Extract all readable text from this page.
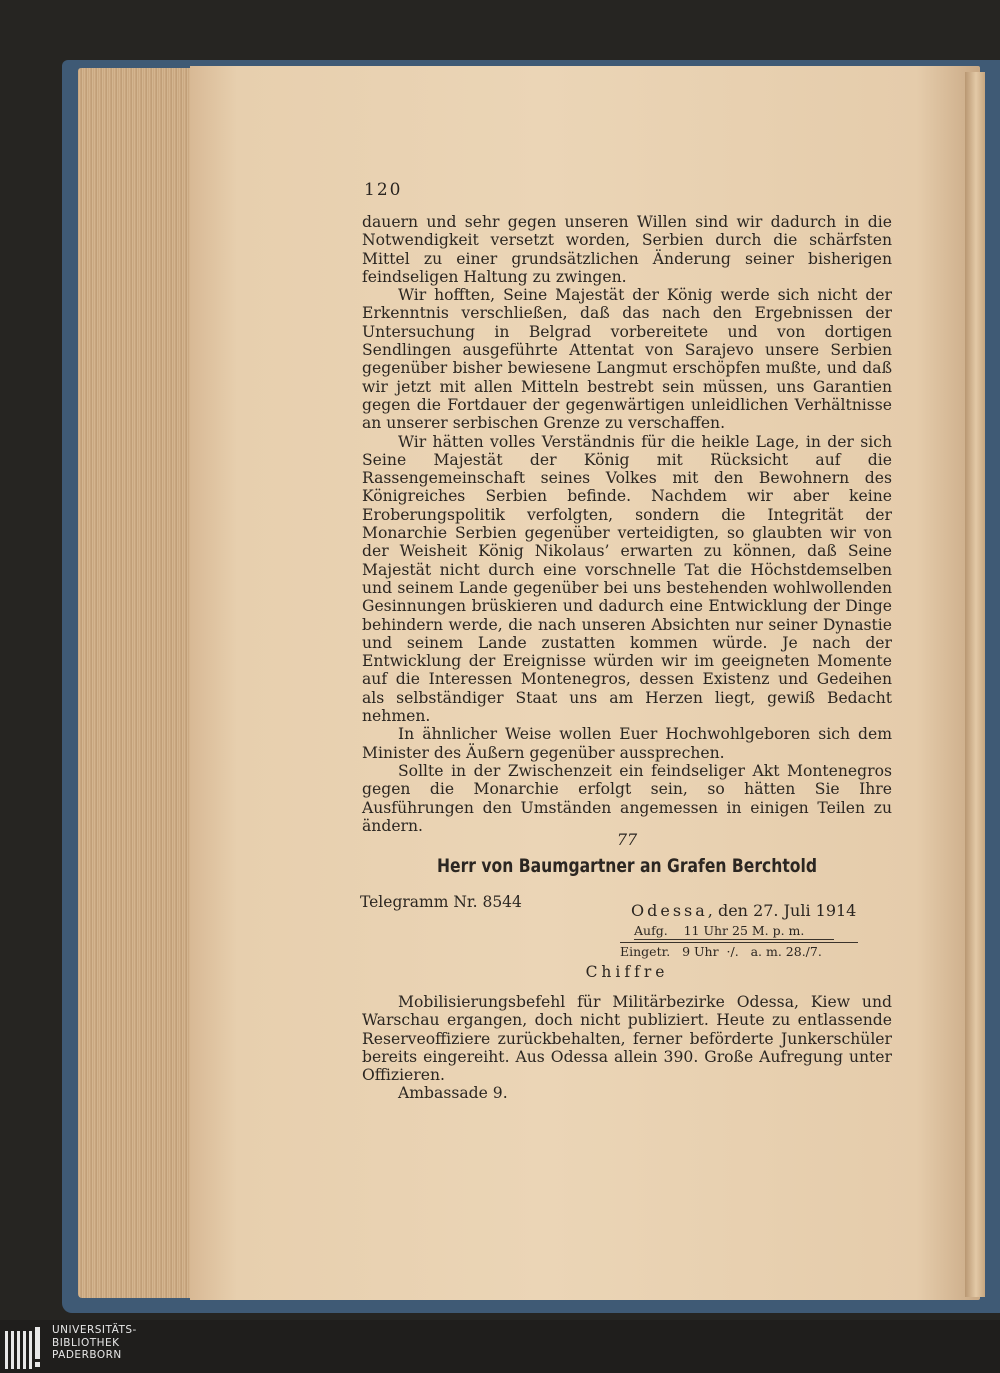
120

dauern und sehr gegen unseren Willen sind wir dadurch in die Notwendigkeit versetzt worden, Serbien durch die schärfsten Mittel zu einer grundsätzlichen Änderung seiner bisherigen feindseligen Haltung zu zwingen.

Wir hofften, Seine Majestät der König werde sich nicht der Erkenntnis verschließen, daß das nach den Ergebnissen der Untersuchung in Belgrad vorbereitete und von dortigen Sendlingen ausgeführte Attentat von Sarajevo unsere Serbien gegenüber bisher bewiesene Langmut erschöpfen mußte, und daß wir jetzt mit allen Mitteln bestrebt sein müssen, uns Garantien gegen die Fortdauer der gegenwärtigen unleidlichen Verhältnisse an unserer serbischen Grenze zu verschaffen.

Wir hätten volles Verständnis für die heikle Lage, in der sich Seine Majestät der König mit Rücksicht auf die Rassengemeinschaft seines Volkes mit den Bewohnern des Königreiches Serbien befinde. Nachdem wir aber keine Eroberungspolitik verfolgten, sondern die Integrität der Monarchie Serbien gegenüber verteidigten, so glaubten wir von der Weisheit König Nikolaus’ erwarten zu können, daß Seine Majestät nicht durch eine vorschnelle Tat die Höchstdemselben und seinem Lande gegenüber bei uns bestehenden wohlwollenden Gesinnungen brüskieren und dadurch eine Entwicklung der Dinge behindern werde, die nach unseren Absichten nur seiner Dynastie und seinem Lande zustatten kommen würde. Je nach der Entwicklung der Ereignisse würden wir im geeigneten Momente auf die Interessen Montenegros, dessen Existenz und Gedeihen als selbständiger Staat uns am Herzen liegt, gewiß Bedacht nehmen.

In ähnlicher Weise wollen Euer Hochwohlgeboren sich dem Minister des Äußern gegenüber aussprechen.

Sollte in der Zwischenzeit ein feindseliger Akt Montenegros gegen die Monarchie erfolgt sein, so hätten Sie Ihre Ausführungen den Umständen angemessen in einigen Teilen zu ändern.

77
Herr von Baumgartner an Grafen Berchtold
Telegramm Nr. 8544	Odessa, den 27. Juli 1914
Aufg.    11 Uhr 25 M. p. m.
Eingetr.   9 Uhr  ·/.   a. m. 28./7.
Chiffre

Mobilisierungsbefehl für Militärbezirke Odessa, Kiew und Warschau ergangen, doch nicht publiziert. Heute zu entlassende Reserveoffiziere zurückbehalten, ferner beförderte Junkerschüler bereits eingereiht. Aus Odessa allein 390. Große Aufregung unter Offizieren.

Ambassade 9.

UNIVERSITÄTS-
BIBLIOTHEK
PADERBORN
